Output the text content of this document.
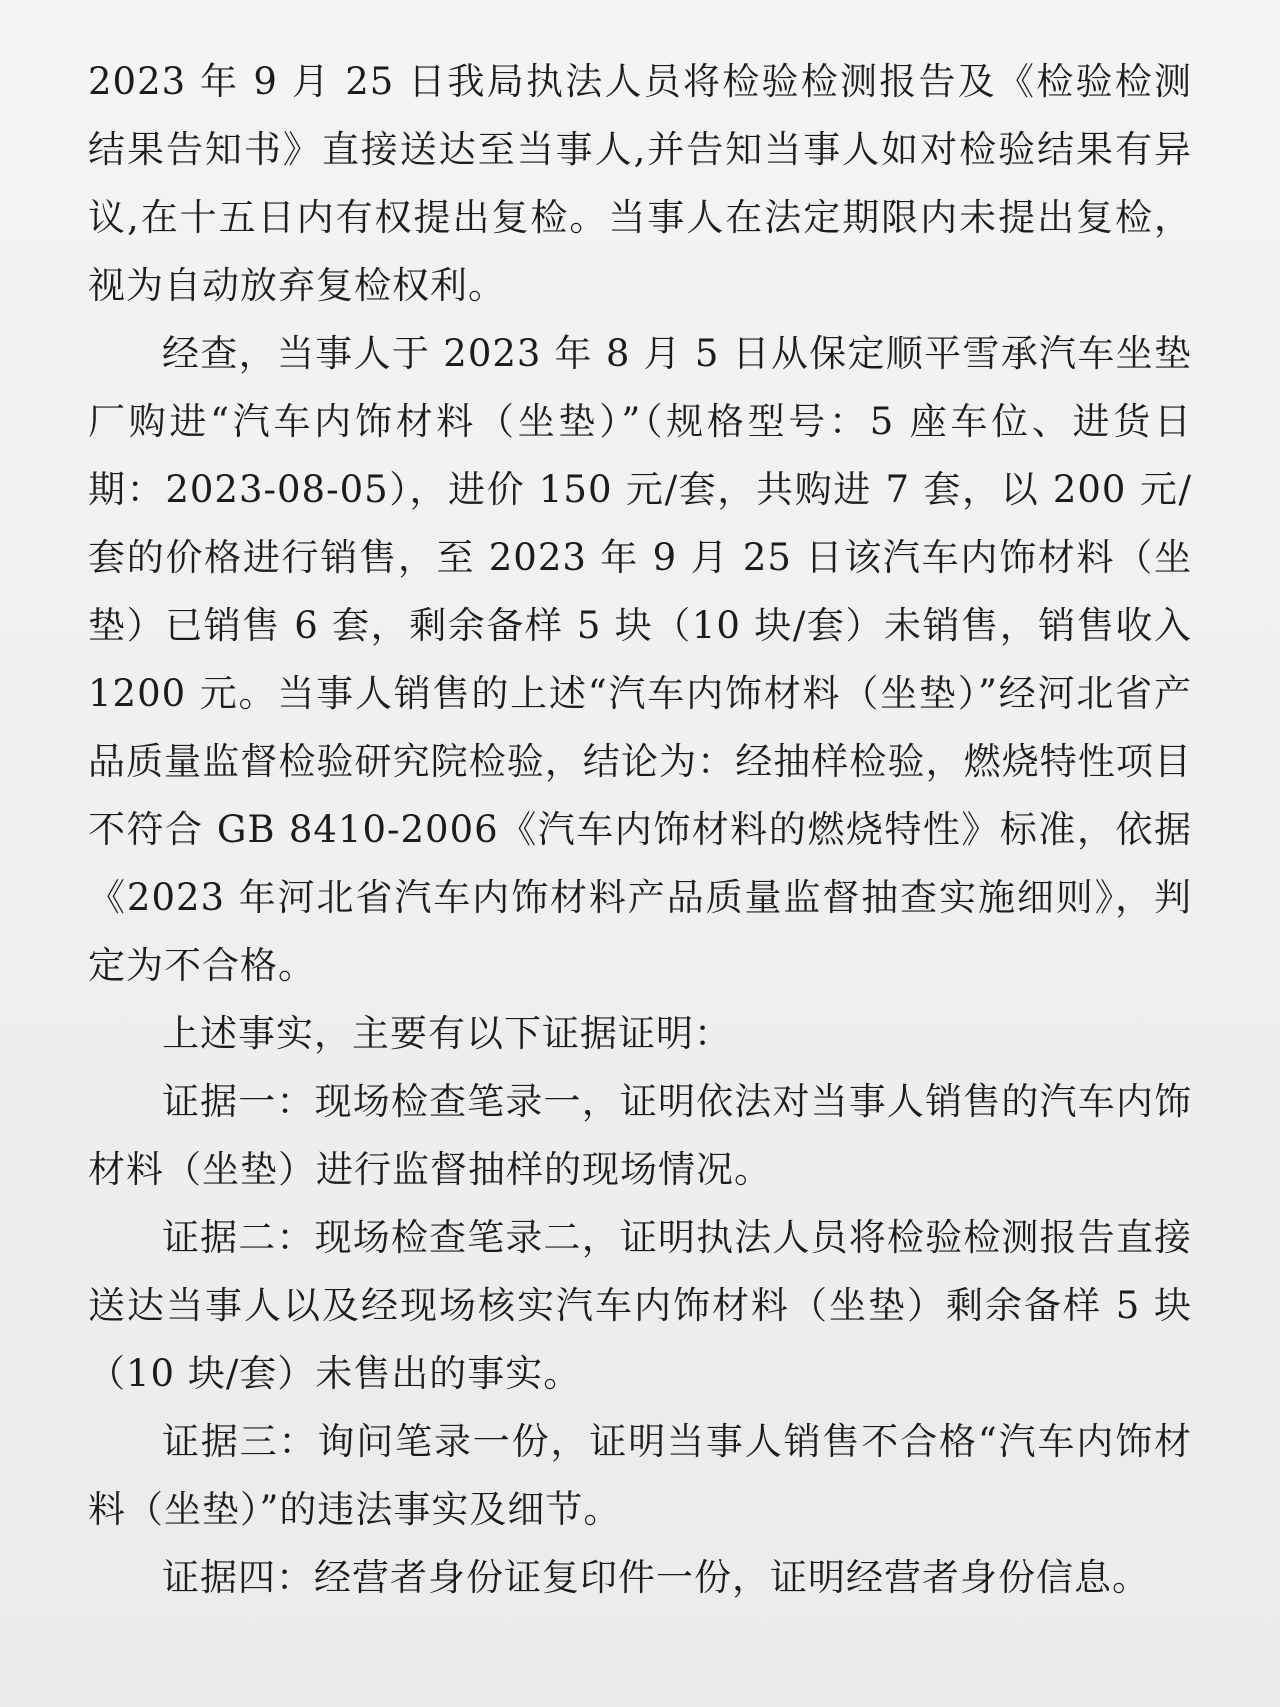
2023 年 9 月 25 日我局执法人员将检验检测报告及《检验检测结果告知书》直接送达至当事人,并告知当事人如对检验结果有异议,在十五日内有权提出复检。当事人在法定期限内未提出复检，视为自动放弃复检权利。

经查，当事人于 2023 年 8 月 5 日从保定顺平雪承汽车坐垫厂购进“汽车内饰材料（坐垫）”（规格型号：5 座车位、进货日期：2023-08-05），进价 150 元/套，共购进 7 套，以 200 元/套的价格进行销售，至 2023 年 9 月 25 日该汽车内饰材料（坐垫）已销售 6 套，剩余备样 5 块（10 块/套）未销售，销售收入 1200 元。当事人销售的上述“汽车内饰材料（坐垫）”经河北省产品质量监督检验研究院检验，结论为：经抽样检验，燃烧特性项目不符合 GB 8410-2006《汽车内饰材料的燃烧特性》标准，依据《2023 年河北省汽车内饰材料产品质量监督抽查实施细则》，判定为不合格。

上述事实，主要有以下证据证明：

证据一：现场检查笔录一，证明依法对当事人销售的汽车内饰材料（坐垫）进行监督抽样的现场情况。

证据二：现场检查笔录二，证明执法人员将检验检测报告直接送达当事人以及经现场核实汽车内饰材料（坐垫）剩余备样 5 块（10 块/套）未售出的事实。

证据三：询问笔录一份，证明当事人销售不合格“汽车内饰材料（坐垫）”的违法事实及细节。

证据四：经营者身份证复印件一份，证明经营者身份信息。
